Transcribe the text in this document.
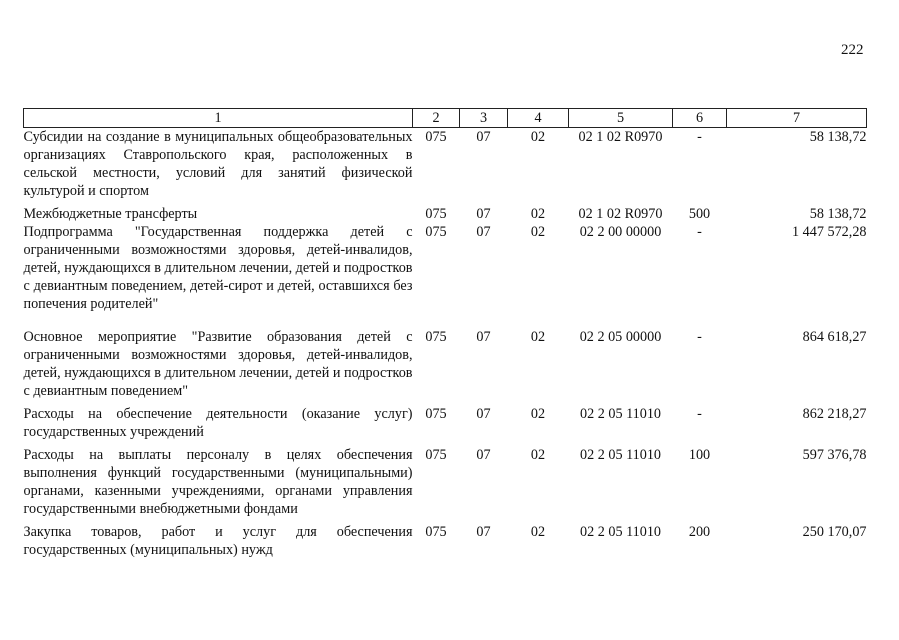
222
1	2	3	4	5	6	7
Субсидии на создание в муниципальных общеобразовательных организациях Ставропольского края, расположенных в сельской местности, условий для занятий физической культурой и спортом	075	07	02	02 1 02 R0970	-	58 138,72
Межбюджетные трансферты	075	07	02	02 1 02 R0970	500	58 138,72
Подпрограмма "Государственная поддержка детей с ограниченными возможностями здоровья, детей-инвалидов, детей, нуждающихся в длительном лечении, детей и подростков с девиантным поведением, детей-сирот и детей, оставшихся без попечения родителей"	075	07	02	02 2 00 00000	-	1 447 572,28
Основное мероприятие "Развитие образования детей с ограниченными возможностями здоровья, детей-инвалидов, детей, нуждающихся в длительном лечении, детей и подростков с девиантным поведением"	075	07	02	02 2 05 00000	-	864 618,27
Расходы на обеспечение деятельности (оказание услуг) государственных учреждений	075	07	02	02 2 05 11010	-	862 218,27
Расходы на выплаты персоналу в целях обеспечения выполнения функций государственными (муниципальными) органами, казенными учреждениями, органами управления государственными внебюджетными фондами	075	07	02	02 2 05 11010	100	597 376,78
Закупка товаров, работ и услуг для обеспечения государственных (муниципальных) нужд	075	07	02	02 2 05 11010	200	250 170,07
